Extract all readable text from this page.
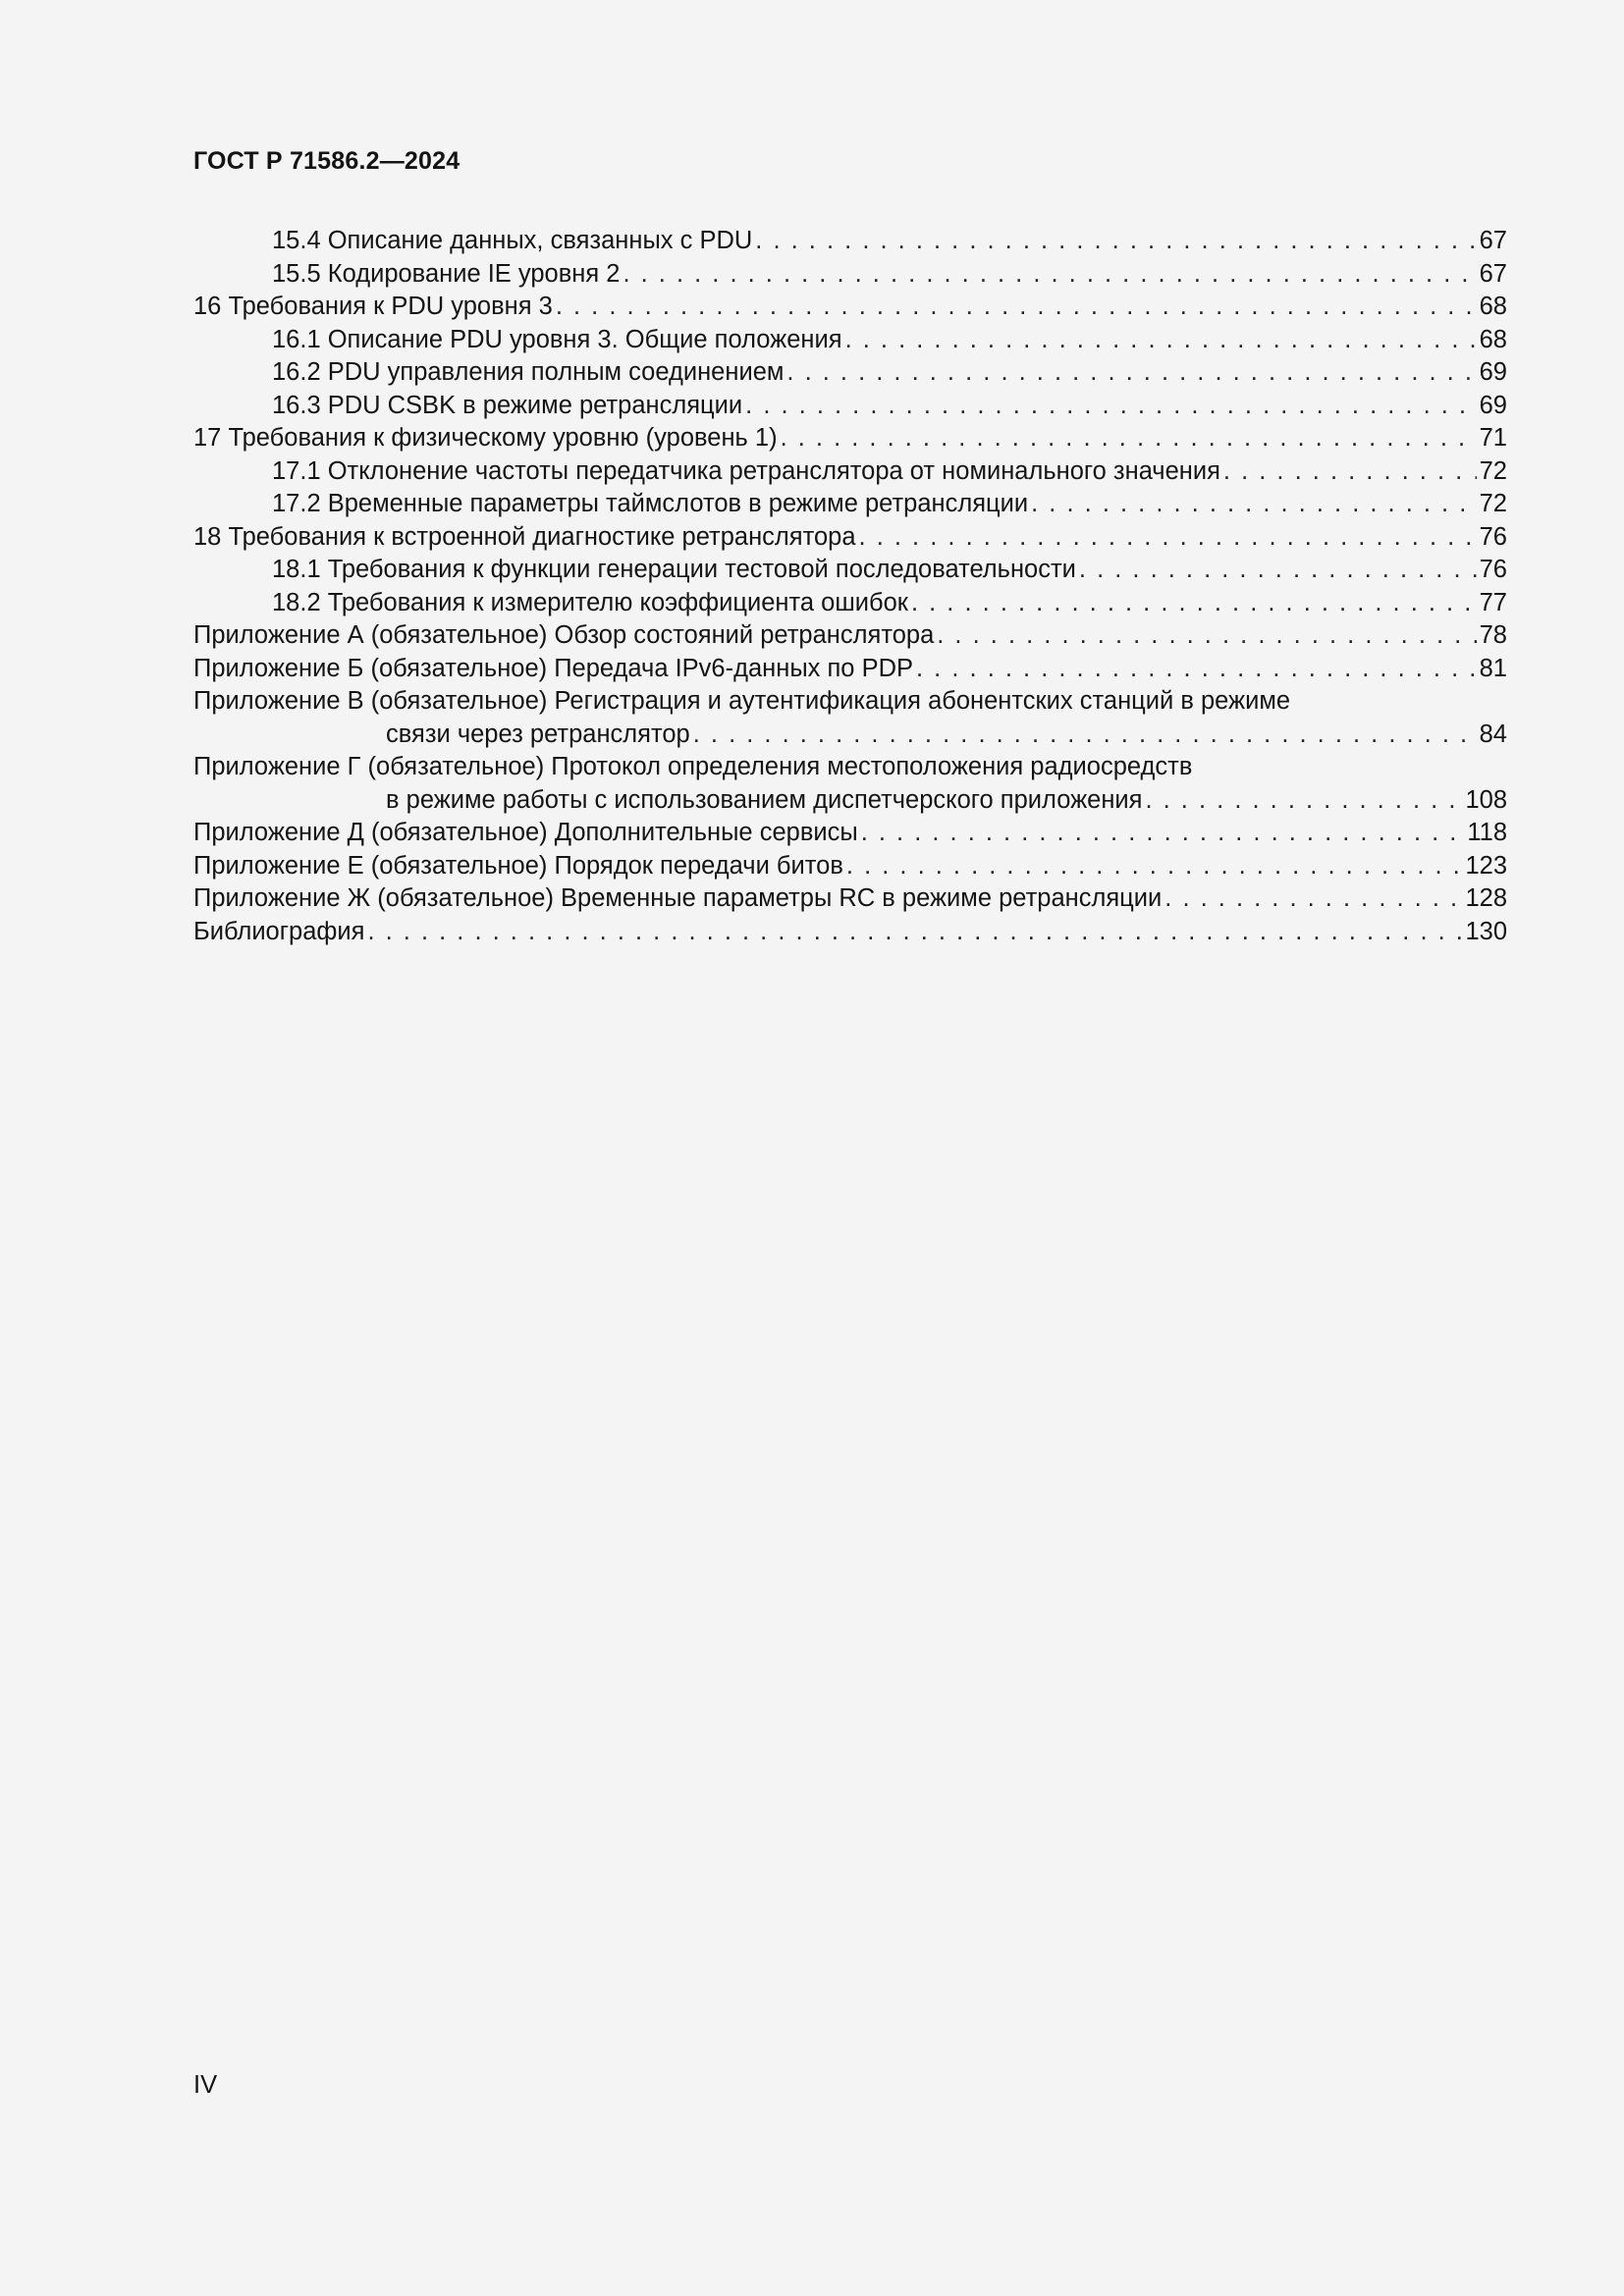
ГОСТ Р 71586.2—2024
15.4 Описание данных, связанных с PDU . . .	67
15.5 Кодирование IE уровня 2 . . .	67
16 Требования к PDU уровня 3 . . .	68
16.1 Описание PDU уровня 3. Общие положения . . .	68
16.2 PDU управления полным соединением . . .	69
16.3 PDU CSBK в режиме ретрансляции . . .	69
17 Требования к физическому уровню (уровень 1) . . .	71
17.1 Отклонение частоты передатчика ретранслятора от номинального значения . . .	72
17.2 Временные параметры таймслотов в режиме ретрансляции . . .	72
18 Требования к встроенной диагностике ретранслятора . . .	76
18.1 Требования к функции генерации тестовой последовательности . . .	76
18.2 Требования к измерителю коэффициента ошибок . . .	77
Приложение А (обязательное) Обзор состояний ретранслятора . . .	78
Приложение Б (обязательное) Передача IPv6-данных по PDP . . .	81
Приложение В (обязательное) Регистрация и аутентификация абонентских станций в режиме
связи через ретранслятор . . .	84
Приложение Г (обязательное) Протокол определения местоположения радиосредств
в режиме работы с использованием диспетчерского приложения . . .	108
Приложение Д (обязательное) Дополнительные сервисы . . .	118
Приложение Е (обязательное) Порядок передачи битов . . .	123
Приложение Ж (обязательное) Временные параметры RC в режиме ретрансляции . . .	128
Библиография . . .	130
IV
